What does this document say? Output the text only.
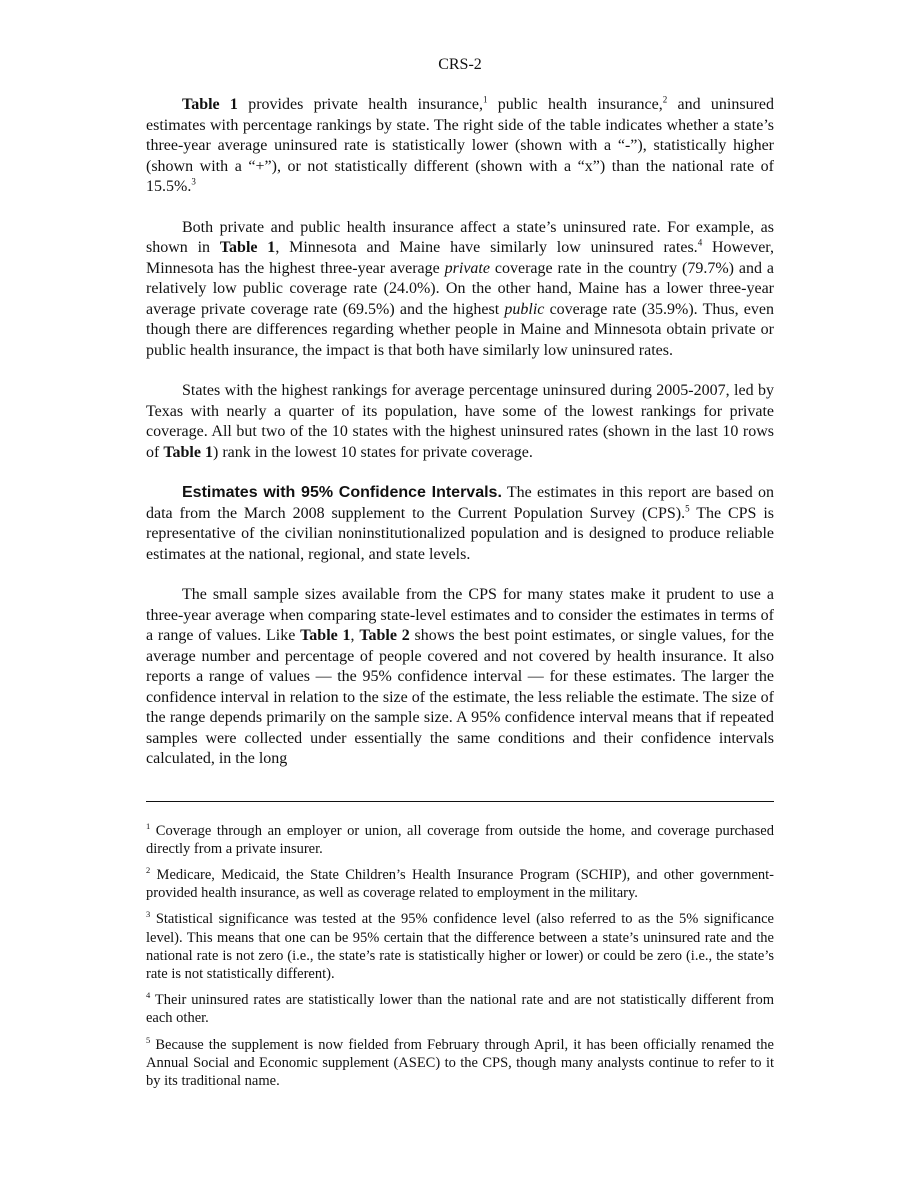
CRS-2

Table 1 provides private health insurance,$^1$ public health insurance,$^2$ and uninsured estimates with percentage rankings by state. The right side of the table indicates whether a state’s three-year average uninsured rate is statistically lower (shown with a “-”), statistically higher (shown with a “+”), or not statistically different (shown with a “x”) than the national rate of 15.5%.$^3$

Both private and public health insurance affect a state’s uninsured rate. For example, as shown in Table 1, Minnesota and Maine have similarly low uninsured rates.$^4$ However, Minnesota has the highest three-year average private coverage rate in the country (79.7%) and a relatively low public coverage rate (24.0%). On the other hand, Maine has a lower three-year average private coverage rate (69.5%) and the highest public coverage rate (35.9%). Thus, even though there are differences regarding whether people in Maine and Minnesota obtain private or public health insurance, the impact is that both have similarly low uninsured rates.

States with the highest rankings for average percentage uninsured during 2005-2007, led by Texas with nearly a quarter of its population, have some of the lowest rankings for private coverage. All but two of the 10 states with the highest uninsured rates (shown in the last 10 rows of Table 1) rank in the lowest 10 states for private coverage.

Estimates with 95% Confidence Intervals. The estimates in this report are based on data from the March 2008 supplement to the Current Population Survey (CPS).$^5$ The CPS is representative of the civilian noninstitutionalized population and is designed to produce reliable estimates at the national, regional, and state levels.

The small sample sizes available from the CPS for many states make it prudent to use a three-year average when comparing state-level estimates and to consider the estimates in terms of a range of values. Like Table 1, Table 2 shows the best point estimates, or single values, for the average number and percentage of people covered and not covered by health insurance. It also reports a range of values — the 95% confidence interval — for these estimates. The larger the confidence interval in relation to the size of the estimate, the less reliable the estimate. The size of the range depends primarily on the sample size. A 95% confidence interval means that if repeated samples were collected under essentially the same conditions and their confidence intervals calculated, in the long

$^1$ Coverage through an employer or union, all coverage from outside the home, and coverage purchased directly from a private insurer.

$^2$ Medicare, Medicaid, the State Children’s Health Insurance Program (SCHIP), and other government-provided health insurance, as well as coverage related to employment in the military.

$^3$ Statistical significance was tested at the 95% confidence level (also referred to as the 5% significance level). This means that one can be 95% certain that the difference between a state’s uninsured rate and the national rate is not zero (i.e., the state’s rate is statistically higher or lower) or could be zero (i.e., the state’s rate is not statistically different).

$^4$ Their uninsured rates are statistically lower than the national rate and are not statistically different from each other.

$^5$ Because the supplement is now fielded from February through April, it has been officially renamed the Annual Social and Economic supplement (ASEC) to the CPS, though many analysts continue to refer to it by its traditional name.
